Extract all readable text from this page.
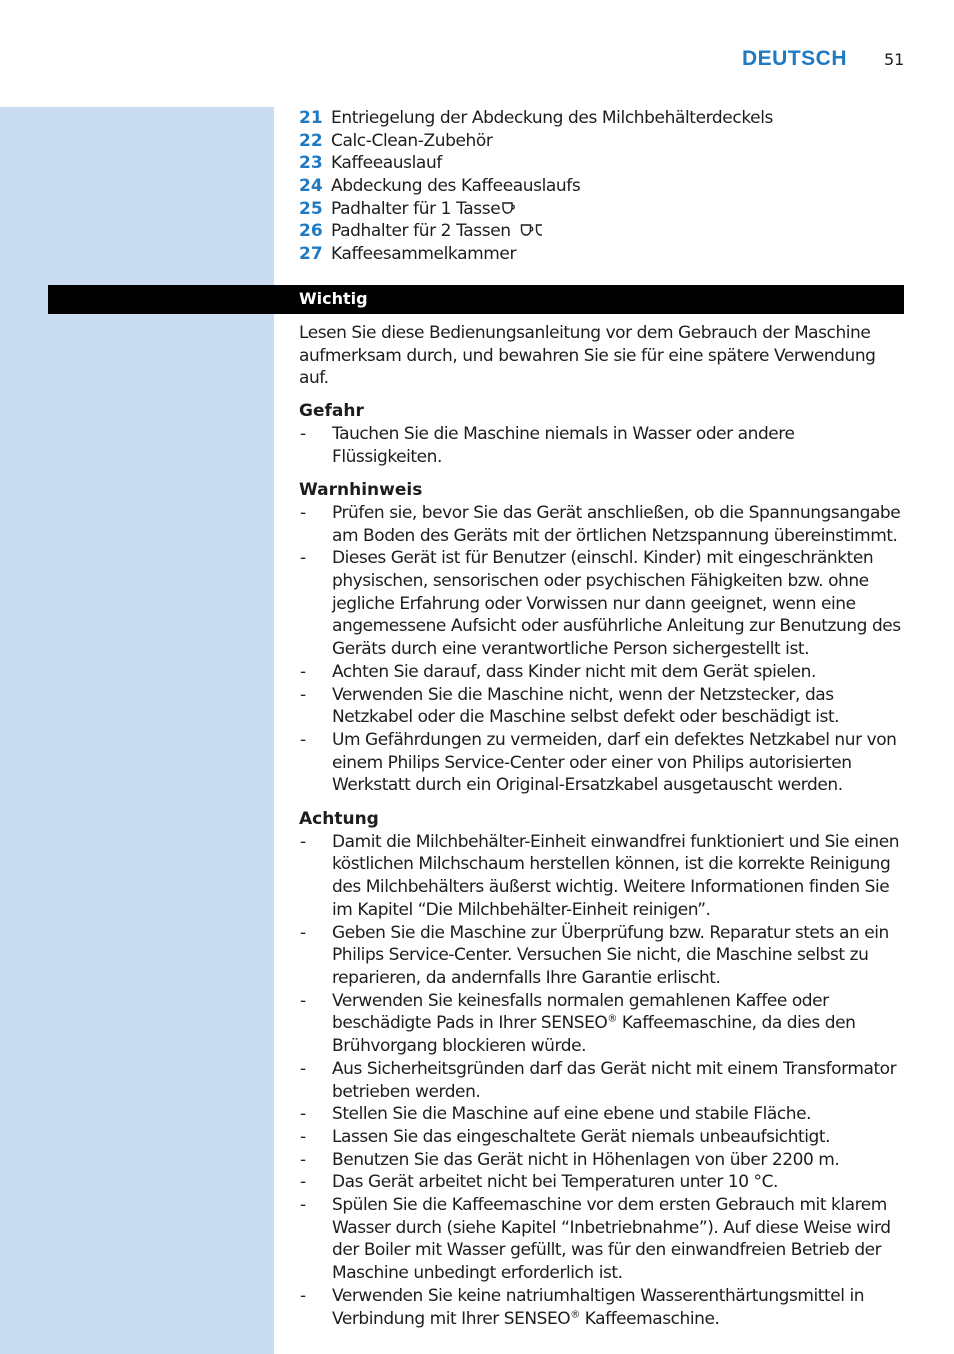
DEUTSCH 51
21 Entriegelung der Abdeckung des Milchbehälterdeckels
22 Calc-Clean-Zubehör
23 Kaffeeauslauf
24 Abdeckung des Kaffeeauslaufs
25 Padhalter für 1 Tasse
26 Padhalter für 2 Tassen
27 Kaffeesammelkammer
Wichtig

Lesen Sie diese Bedienungsanleitung vor dem Gebrauch der Maschine aufmerksam durch, und bewahren Sie sie für eine spätere Verwendung auf.

Gefahr
- Tauchen Sie die Maschine niemals in Wasser oder andere Flüssigkeiten.
Warnhinweis
- Prüfen sie, bevor Sie das Gerät anschließen, ob die Spannungsangabe am Boden des Geräts mit der örtlichen Netzspannung übereinstimmt.
- Dieses Gerät ist für Benutzer (einschl. Kinder) mit eingeschränkten physischen, sensorischen oder psychischen Fähigkeiten bzw. ohne jegliche Erfahrung oder Vorwissen nur dann geeignet, wenn eine angemessene Aufsicht oder ausführliche Anleitung zur Benutzung des Geräts durch eine verantwortliche Person sichergestellt ist.
- Achten Sie darauf, dass Kinder nicht mit dem Gerät spielen.
- Verwenden Sie die Maschine nicht, wenn der Netzstecker, das Netzkabel oder die Maschine selbst defekt oder beschädigt ist.
- Um Gefährdungen zu vermeiden, darf ein defektes Netzkabel nur von einem Philips Service-Center oder einer von Philips autorisierten Werkstatt durch ein Original-Ersatzkabel ausgetauscht werden.
Achtung
- Damit die Milchbehälter-Einheit einwandfrei funktioniert und Sie einen köstlichen Milchschaum herstellen können, ist die korrekte Reinigung des Milchbehälters äußerst wichtig. Weitere Informationen finden Sie im Kapitel “Die Milchbehälter-Einheit reinigen”.
- Geben Sie die Maschine zur Überprüfung bzw. Reparatur stets an ein Philips Service-Center. Versuchen Sie nicht, die Maschine selbst zu reparieren, da andernfalls Ihre Garantie erlischt.
- Verwenden Sie keinesfalls normalen gemahlenen Kaffee oder beschädigte Pads in Ihrer SENSEO® Kaffeemaschine, da dies den Brühvorgang blockieren würde.
- Aus Sicherheitsgründen darf das Gerät nicht mit einem Transformator betrieben werden.
- Stellen Sie die Maschine auf eine ebene und stabile Fläche.
- Lassen Sie das eingeschaltete Gerät niemals unbeaufsichtigt.
- Benutzen Sie das Gerät nicht in Höhenlagen von über 2200 m.
- Das Gerät arbeitet nicht bei Temperaturen unter 10 °C.
- Spülen Sie die Kaffeemaschine vor dem ersten Gebrauch mit klarem Wasser durch (siehe Kapitel “Inbetriebnahme”). Auf diese Weise wird der Boiler mit Wasser gefüllt, was für den einwandfreien Betrieb der Maschine unbedingt erforderlich ist.
- Verwenden Sie keine natriumhaltigen Wasserenthärtungsmittel in Verbindung mit Ihrer SENSEO® Kaffeemaschine.
